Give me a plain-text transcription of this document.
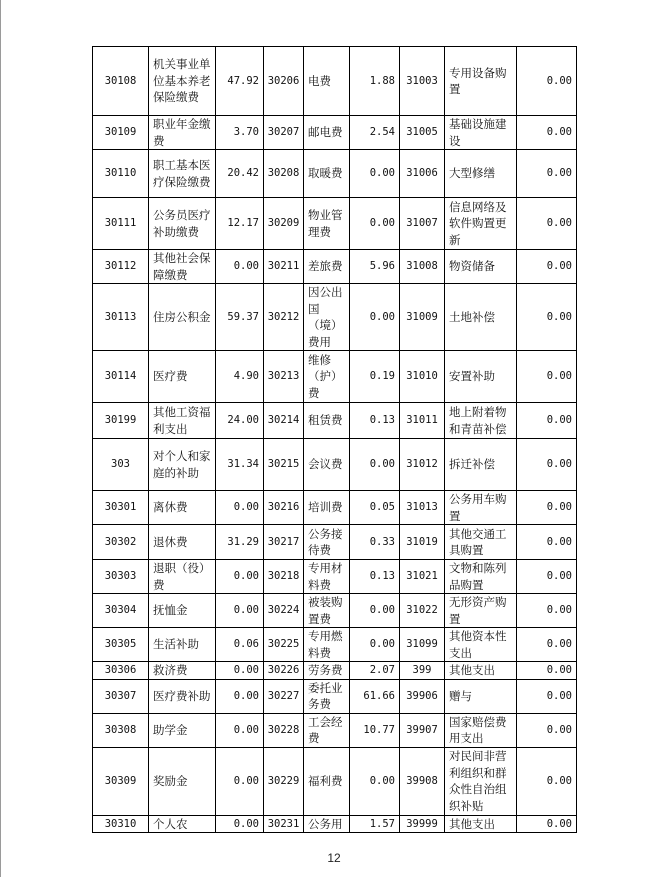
30108	机关事业单位基本养老保险缴费	47.92	30206	电费	1.88	31003	专用设备购置	0.00
30109	职业年金缴费	3.70	30207	邮电费	2.54	31005	基础设施建设	0.00
30110	职工基本医疗保险缴费	20.42	30208	取暖费	0.00	31006	大型修缮	0.00
30111	公务员医疗补助缴费	12.17	30209	物业管理费	0.00	31007	信息网络及软件购置更新	0.00
30112	其他社会保障缴费	0.00	30211	差旅费	5.96	31008	物资储备	0.00
30113	住房公积金	59.37	30212	因公出国（境）费用	0.00	31009	土地补偿	0.00
30114	医疗费	4.90	30213	维修（护）费	0.19	31010	安置补助	0.00
30199	其他工资福利支出	24.00	30214	租赁费	0.13	31011	地上附着物和青苗补偿	0.00
303	对个人和家庭的补助	31.34	30215	会议费	0.00	31012	拆迁补偿	0.00
30301	离休费	0.00	30216	培训费	0.05	31013	公务用车购置	0.00
30302	退休费	31.29	30217	公务接待费	0.33	31019	其他交通工具购置	0.00
30303	退职（役）费	0.00	30218	专用材料费	0.13	31021	文物和陈列品购置	0.00
30304	抚恤金	0.00	30224	被装购置费	0.00	31022	无形资产购置	0.00
30305	生活补助	0.06	30225	专用燃料费	0.00	31099	其他资本性支出	0.00
30306	救济费	0.00	30226	劳务费	2.07	399	其他支出	0.00
30307	医疗费补助	0.00	30227	委托业务费	61.66	39906	赠与	0.00
30308	助学金	0.00	30228	工会经费	10.77	39907	国家赔偿费用支出	0.00
30309	奖励金	0.00	30229	福利费	0.00	39908	对民间非营利组织和群众性自治组织补贴	0.00
30310	个人农	0.00	30231	公务用	1.57	39999	其他支出	0.00
12
